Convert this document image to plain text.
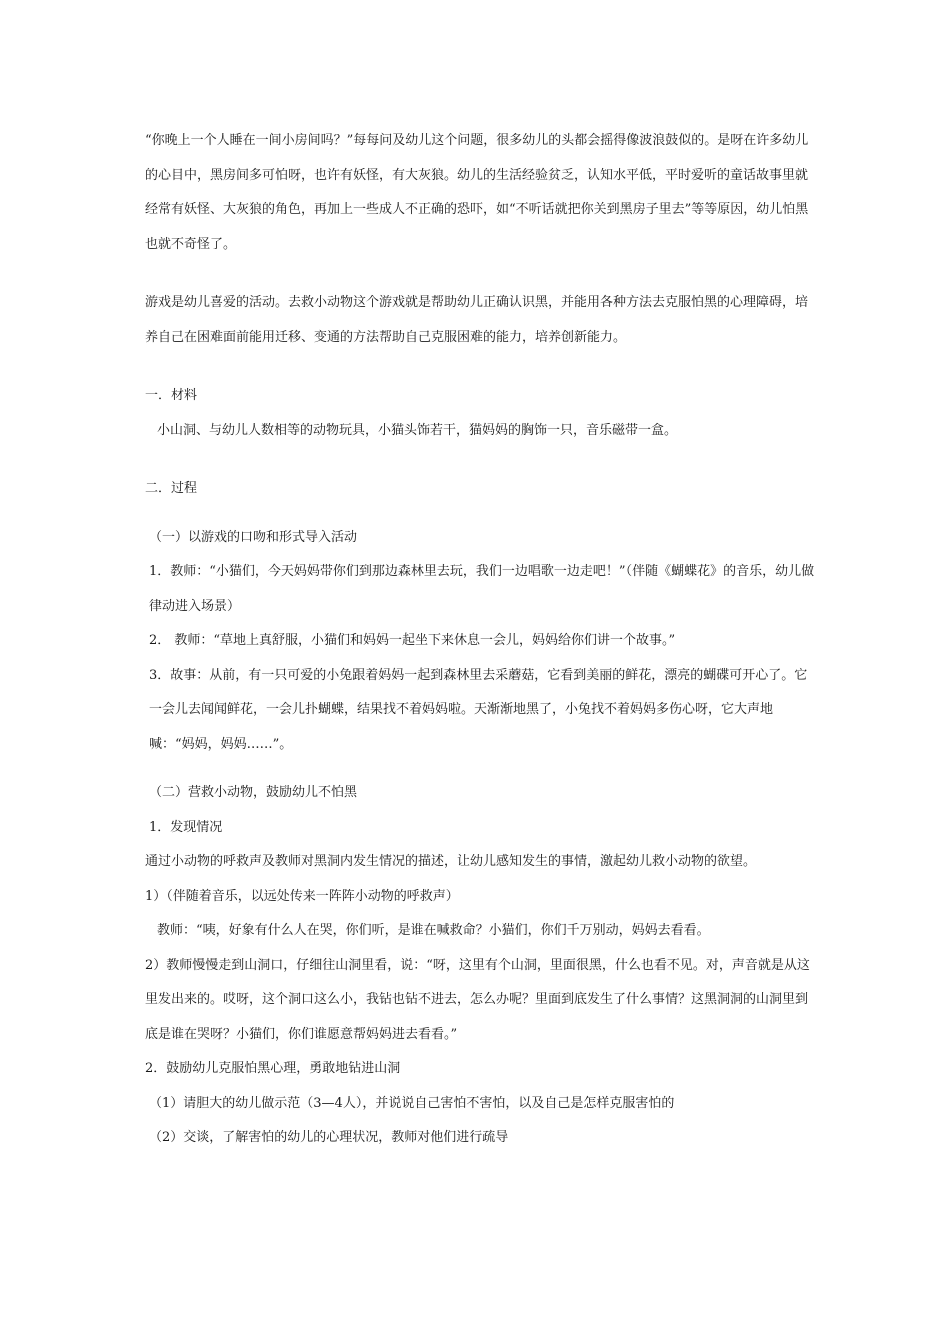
“你晚上一个人睡在一间小房间吗？”每每问及幼儿这个问题，很多幼儿的头都会摇得像波浪鼓似的。是呀在许多幼儿的心目中，黑房间多可怕呀，也许有妖怪，有大灰狼。幼儿的生活经验贫乏，认知水平低，平时爱听的童话故事里就经常有妖怪、大灰狼的角色，再加上一些成人不正确的恐吓，如“不听话就把你关到黑房子里去”等等原因，幼儿怕黑也就不奇怪了。

游戏是幼儿喜爱的活动。去救小动物这个游戏就是帮助幼儿正确认识黑，并能用各种方法去克服怕黑的心理障碍，培养自己在困难面前能用迁移、变通的方法帮助自己克服困难的能力，培养创新能力。

一．材料

小山洞、与幼儿人数相等的动物玩具，小猫头饰若干，猫妈妈的胸饰一只，音乐磁带一盒。

二．过程

（一）以游戏的口吻和形式导入活动

1．教师：“小猫们，今天妈妈带你们到那边森林里去玩，我们一边唱歌一边走吧！”（伴随《蝴蝶花》的音乐，幼儿做律动进入场景）

2． 教师：“草地上真舒服，小猫们和妈妈一起坐下来休息一会儿，妈妈给你们讲一个故事。”

3．故事：从前，有一只可爱的小兔跟着妈妈一起到森林里去采蘑菇，它看到美丽的鲜花，漂亮的蝴碟可开心了。它一会儿去闻闻鲜花，一会儿扑蝴蝶，结果找不着妈妈啦。天渐渐地黑了，小兔找不着妈妈多伤心呀，它大声地喊：“妈妈，妈妈……”。

（二）营救小动物，鼓励幼儿不怕黑

1．发现情况

通过小动物的呼救声及教师对黑洞内发生情况的描述，让幼儿感知发生的事情，激起幼儿救小动物的欲望。

1）（伴随着音乐，以远处传来一阵阵小动物的呼救声）

教师：“咦，好象有什么人在哭，你们听，是谁在喊救命？小猫们，你们千万别动，妈妈去看看。

2）教师慢慢走到山洞口，仔细往山洞里看，说：“呀，这里有个山洞，里面很黑，什么也看不见。对，声音就是从这里发出来的。哎呀，这个洞口这么小，我钻也钻不进去，怎么办呢？里面到底发生了什么事情？这黑洞洞的山洞里到底是谁在哭呀？小猫们，你们谁愿意帮妈妈进去看看。”

2．鼓励幼儿克服怕黑心理，勇敢地钻进山洞

（1）请胆大的幼儿做示范（3—4人），并说说自己害怕不害怕，以及自己是怎样克服害怕的

（2）交谈，了解害怕的幼儿的心理状况，教师对他们进行疏导
